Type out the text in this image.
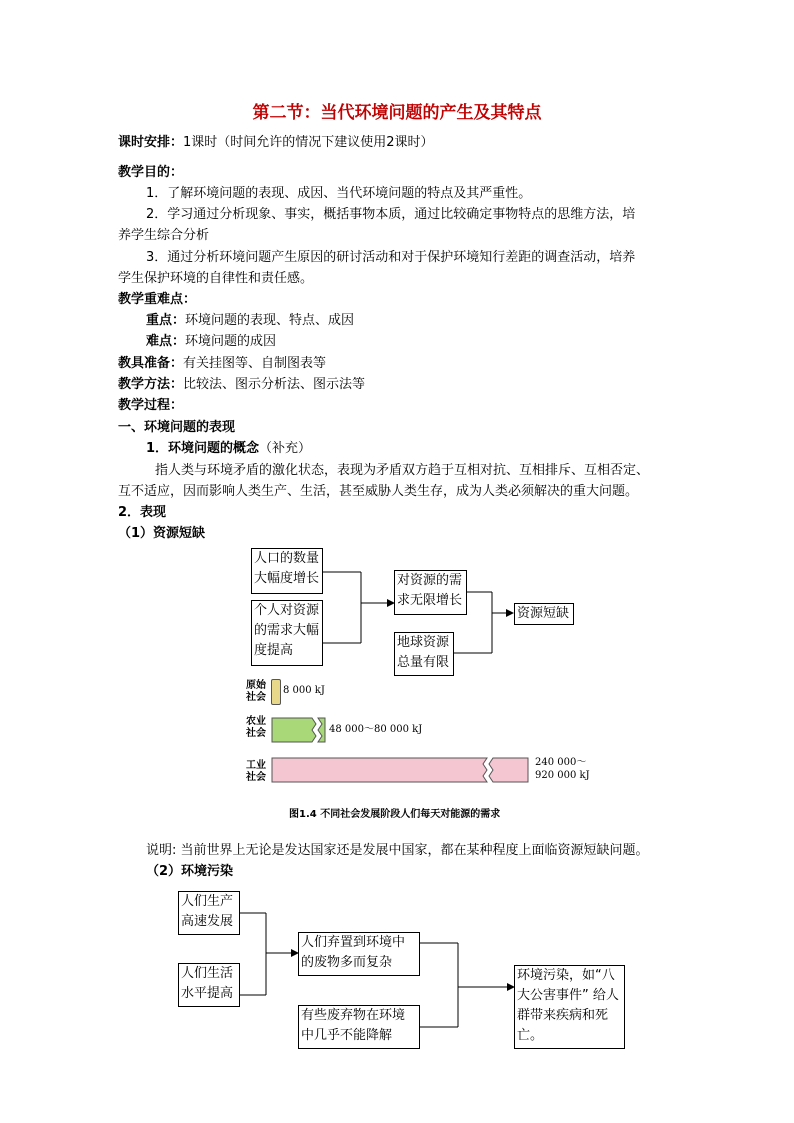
第二节：当代环境问题的产生及其特点
课时安排：1课时（时间允许的情况下建议使用2课时）
教学目的：
1．了解环境问题的表现、成因、当代环境问题的特点及其严重性。
2．学习通过分析现象、事实，概括事物本质，通过比较确定事物特点的思维方法，培
养学生综合分析
3．通过分析环境问题产生原因的研讨活动和对于保护环境知行差距的调查活动，培养
学生保护环境的自律性和责任感。
教学重难点：
重点：环境问题的表现、特点、成因
难点：环境问题的成因
教具准备：有关挂图等、自制图表等
教学方法：比较法、图示分析法、图示法等
教学过程：
一、环境问题的表现
1．环境问题的概念（补充）
指人类与环境矛盾的激化状态，表现为矛盾双方趋于互相对抗、互相排斥、互相否定、
互不适应，因而影响人类生产、生活，甚至威胁人类生存，成为人类必须解决的重大问题。
2．表现
（1）资源短缺
人口的数量大幅度增长
个人对资源的需求大幅度提高
对资源的需求无限增长
地球资源总量有限
资源短缺
原始社会
8 000 kJ
农业社会	48 000～80 000 kJ
工业社会
240 000～
920 000 kJ
图1.4 不同社会发展阶段人们每天对能源的需求
说明: 当前世界上无论是发达国家还是发展中国家，都在某种程度上面临资源短缺问题。
（2）环境污染
人们生产高速发展
人们生活水平提高
人们弃置到环境中的废物多而复杂
有些废弃物在环境中几乎不能降解
环境污染，如“八大公害事件” 给人群带来疾病和死亡。
